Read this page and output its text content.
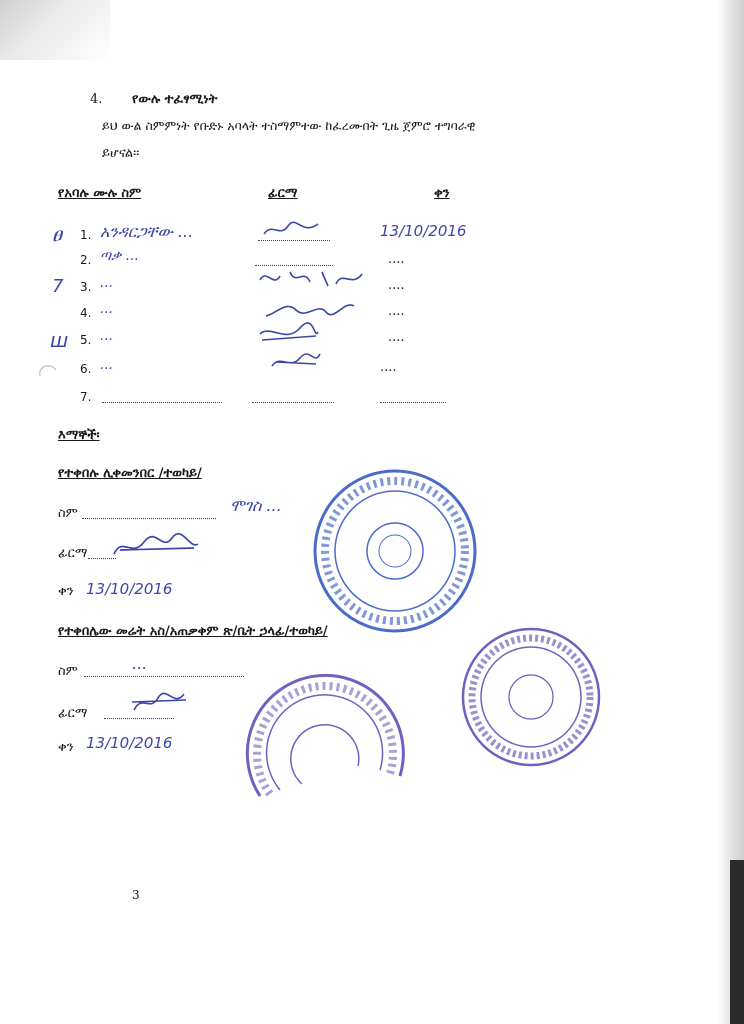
4. የውሉ ተፈፃሚነት
ይህ ውል ስምምነት የቡድኑ አባላት ተስማምተው ከፈረሙበት ጊዜ ጀምሮ ተግባራዊ
ይሆናል፡፡
የአባሉ ሙሉ ስም	ፊርማ	ቀን
ፀ 1. አንዳርጋቸው ...	13/10/2016
2. ጣቃ ...	....
7 3. ...	....
4. ...	....
ш 5. ...	....
6. ...	....
7.
እማኞች፡
የተቀበሉ ሊቀመንበር /ተወካይ/
ስም	ሞገስ ...
ፊርማ
ቀን 13/10/2016
የተቀበሌው መሬት አስ/አጠቃቀም ጽ/ቤት ኃላፊ/ተወካይ/
ስም	...
ፊርማ
ቀን 13/10/2016
3
